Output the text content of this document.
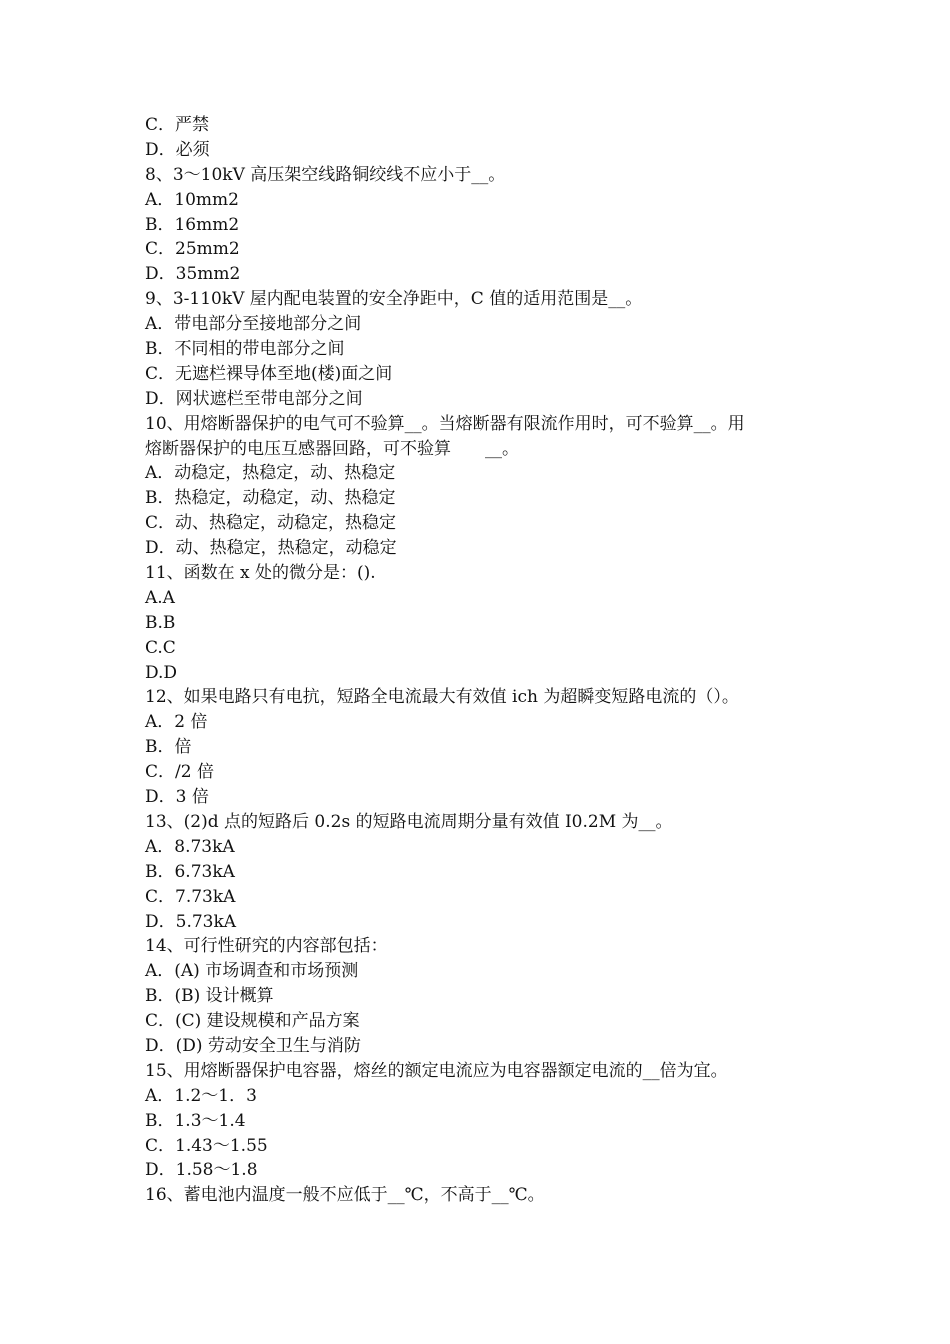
C．严禁
D．必须
8、3～10kV 高压架空线路铜绞线不应小于__。
A．10mm2
B．16mm2
C．25mm2
D．35mm2
9、3-110kV 屋内配电装置的安全净距中，C 值的适用范围是__。
A．带电部分至接地部分之间
B．不同相的带电部分之间
C．无遮栏裸导体至地(楼)面之间
D．网状遮栏至带电部分之间
10、用熔断器保护的电气可不验算__。当熔断器有限流作用时，可不验算__。用
熔断器保护的电压互感器回路，可不验算　　__。
A．动稳定，热稳定，动、热稳定
B．热稳定，动稳定，动、热稳定
C．动、热稳定，动稳定，热稳定
D．动、热稳定，热稳定，动稳定
11、函数在 x 处的微分是：().
A.A
B.B
C.C
D.D
12、如果电路只有电抗，短路全电流最大有效值 ich 为超瞬变短路电流的（）。
A．2 倍
B．倍
C．/2 倍
D．3 倍
13、(2)d 点的短路后 0.2s 的短路电流周期分量有效值 I0.2M 为__。
A．8.73kA
B．6.73kA
C．7.73kA
D．5.73kA
14、可行性研究的内容部包括：
A．(A) 市场调查和市场预测
B．(B) 设计概算
C．(C) 建设规模和产品方案
D．(D) 劳动安全卫生与消防
15、用熔断器保护电容器，熔丝的额定电流应为电容器额定电流的__倍为宜。
A．1.2～1．3
B．1.3～1.4
C．1.43～1.55
D．1.58～1.8
16、蓄电池内温度一般不应低于__℃，不高于__℃。
